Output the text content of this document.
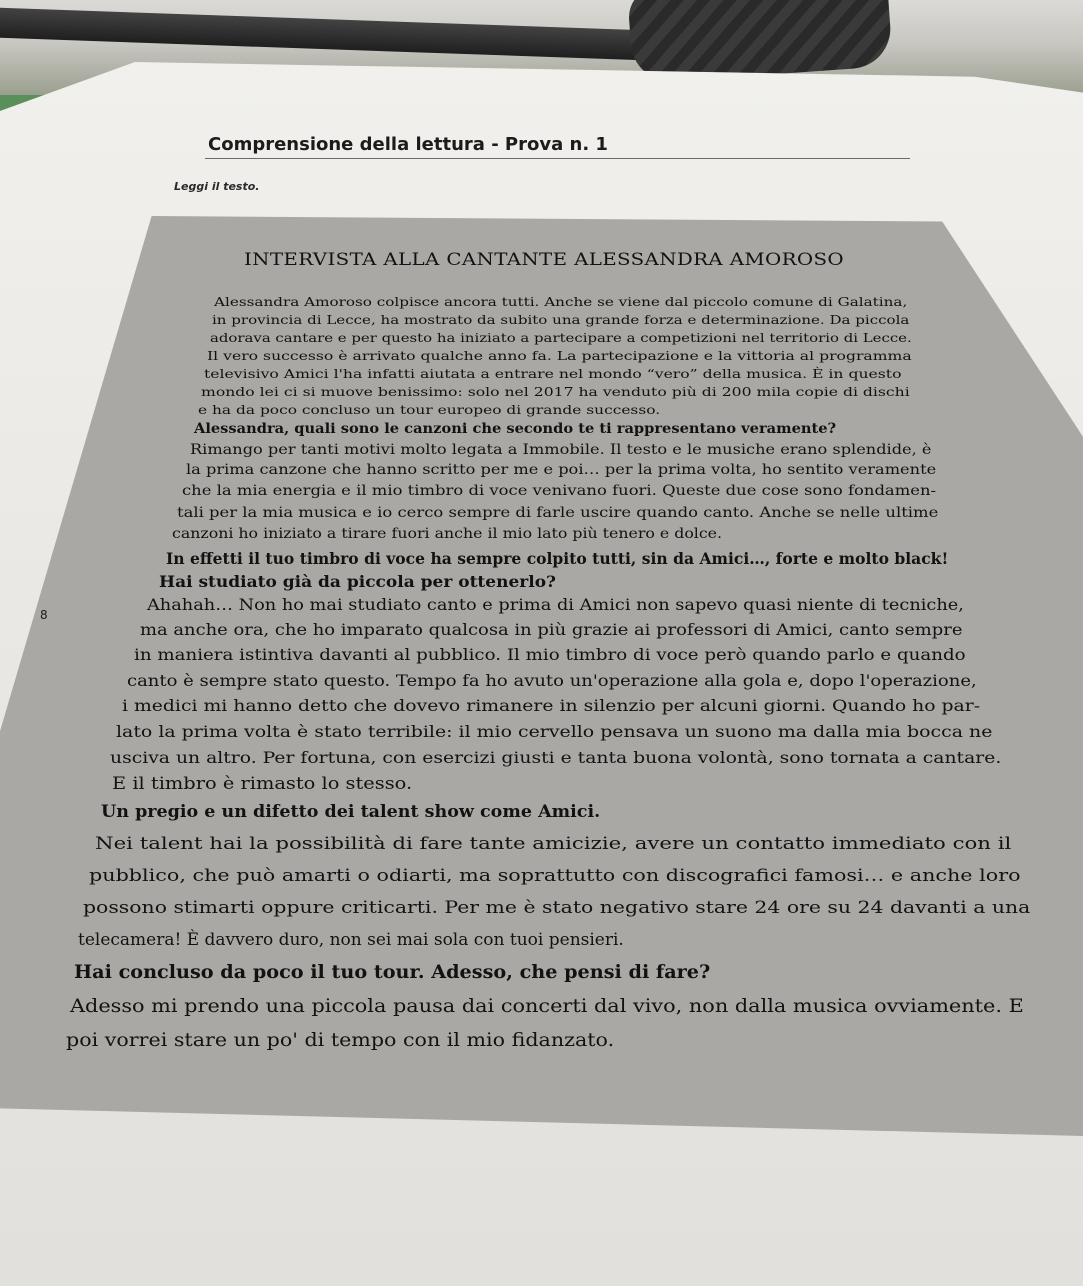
Comprensione della lettura - Prova n. 1
Leggi il testo.
INTERVISTA ALLA CANTANTE ALESSANDRA AMOROSO
Alessandra Amoroso colpisce ancora tutti. Anche se viene dal piccolo comune di Galatina,
in provincia di Lecce, ha mostrato da subito una grande forza e determinazione. Da piccola
adorava cantare e per questo ha iniziato a partecipare a competizioni nel territorio di Lecce.
Il vero successo è arrivato qualche anno fa. La partecipazione e la vittoria al programma
televisivo Amici l'ha infatti aiutata a entrare nel mondo “vero” della musica. È in questo
mondo lei ci si muove benissimo: solo nel 2017 ha venduto più di 200 mila copie di dischi
e ha da poco concluso un tour europeo di grande successo.
Alessandra, quali sono le canzoni che secondo te ti rappresentano veramente?
Rimango per tanti motivi molto legata a Immobile. Il testo e le musiche erano splendide, è
la prima canzone che hanno scritto per me e poi… per la prima volta, ho sentito veramente
che la mia energia e il mio timbro di voce venivano fuori. Queste due cose sono fondamen-
tali per la mia musica e io cerco sempre di farle uscire quando canto. Anche se nelle ultime
canzoni ho iniziato a tirare fuori anche il mio lato più tenero e dolce.
In effetti il tuo timbro di voce ha sempre colpito tutti, sin da Amici…, forte e molto black!
Hai studiato già da piccola per ottenerlo?
8
Ahahah… Non ho mai studiato canto e prima di Amici non sapevo quasi niente di tecniche,
ma anche ora, che ho imparato qualcosa in più grazie ai professori di Amici, canto sempre
in maniera istintiva davanti al pubblico. Il mio timbro di voce però quando parlo e quando
canto è sempre stato questo. Tempo fa ho avuto un'operazione alla gola e, dopo l'operazione,
i medici mi hanno detto che dovevo rimanere in silenzio per alcuni giorni. Quando ho par-
lato la prima volta è stato terribile: il mio cervello pensava un suono ma dalla mia bocca ne
usciva un altro. Per fortuna, con esercizi giusti e tanta buona volontà, sono tornata a cantare.
E il timbro è rimasto lo stesso.
Un pregio e un difetto dei talent show come Amici.
Nei talent hai la possibilità di fare tante amicizie, avere un contatto immediato con il
pubblico, che può amarti o odiarti, ma soprattutto con discografici famosi… e anche loro
possono stimarti oppure criticarti. Per me è stato negativo stare 24 ore su 24 davanti a una
telecamera! È davvero duro, non sei mai sola con tuoi pensieri.
Hai concluso da poco il tuo tour. Adesso, che pensi di fare?
Adesso mi prendo una piccola pausa dai concerti dal vivo, non dalla musica ovviamente. E
poi vorrei stare un po' di tempo con il mio fidanzato.
